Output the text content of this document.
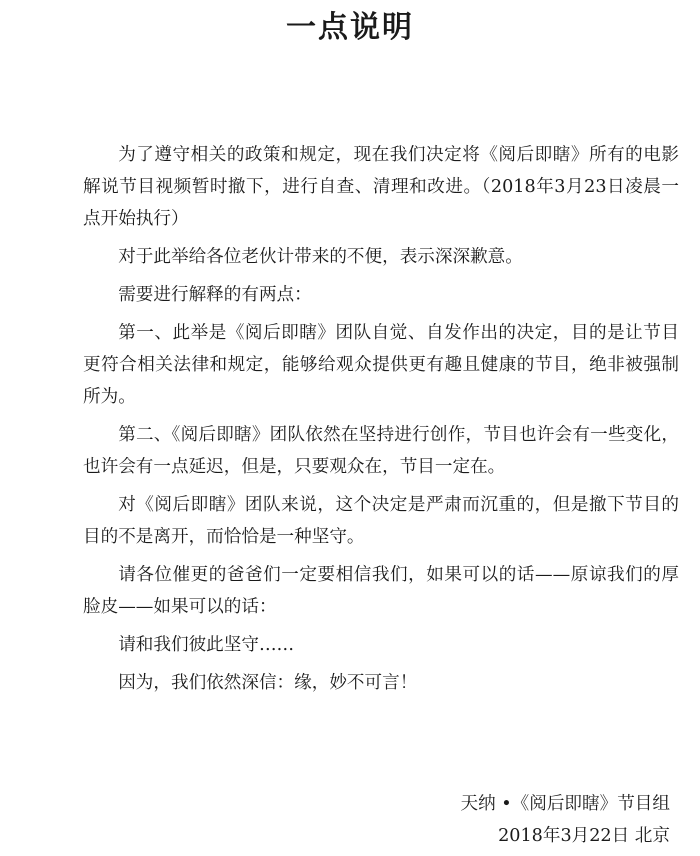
一点说明

为了遵守相关的政策和规定，现在我们决定将《阅后即瞎》所有的电影解说节目视频暂时撤下，进行自查、清理和改进。（2018年3月23日凌晨一点开始执行）

对于此举给各位老伙计带来的不便，表示深深歉意。

需要进行解释的有两点：

第一、此举是《阅后即瞎》团队自觉、自发作出的决定，目的是让节目更符合相关法律和规定，能够给观众提供更有趣且健康的节目，绝非被强制所为。

第二、《阅后即瞎》团队依然在坚持进行创作，节目也许会有一些变化，也许会有一点延迟，但是，只要观众在，节目一定在。

对《阅后即瞎》团队来说，这个决定是严肃而沉重的，但是撤下节目的目的不是离开，而恰恰是一种坚守。

请各位催更的爸爸们一定要相信我们，如果可以的话——原谅我们的厚脸皮——如果可以的话：

请和我们彼此坚守……

因为，我们依然深信：缘，妙不可言！

天纳 •《阅后即瞎》节目组
2018年3月22日 北京
